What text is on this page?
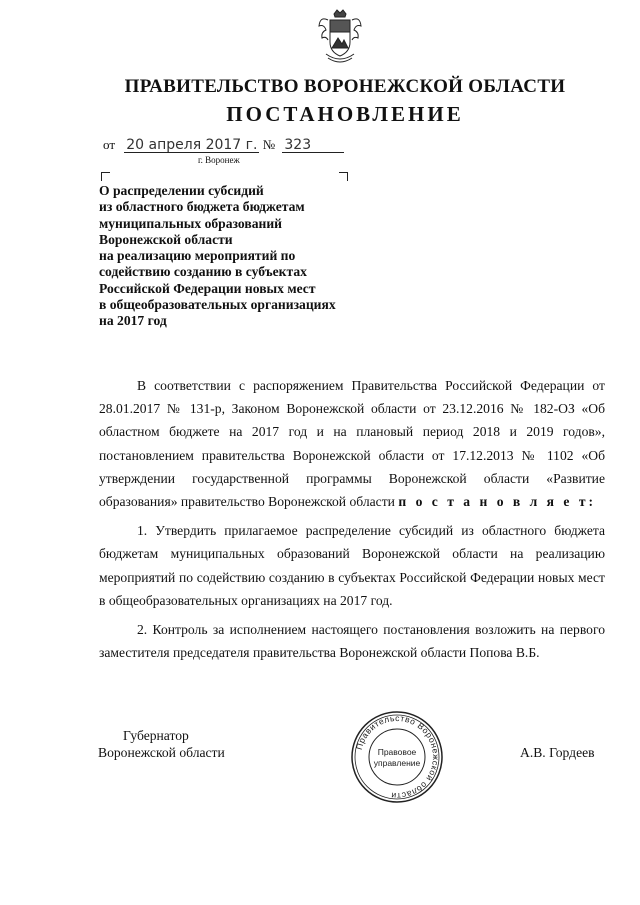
ПРАВИТЕЛЬСТВО ВОРОНЕЖСКОЙ ОБЛАСТИ
ПОСТАНОВЛЕНИЕ
от 20 апреля 2017 г. № 323
г. Воронеж
О распределении субсидий
из областного бюджета бюджетам
муниципальных образований
Воронежской области
на реализацию мероприятий по
содействию созданию в субъектах
Российской Федерации новых мест
в общеобразовательных организациях
на 2017 год

В соответствии с распоряжением Правительства Российской Федерации от 28.01.2017 № 131-р, Законом Воронежской области от 23.12.2016 № 182-ОЗ «Об областном бюджете на 2017 год и на плановый период 2018 и 2019 годов», постановлением правительства Воронежской области от 17.12.2013 № 1102 «Об утверждении государственной программы Воронежской области «Развитие образования» правительство Воронежской области п о с т а н о в л я е т:

1. Утвердить прилагаемое распределение субсидий из областного бюджета бюджетам муниципальных образований Воронежской области на реализацию мероприятий по содействию созданию в субъектах Российской Федерации новых мест в общеобразовательных организациях на 2017 год.

2. Контроль за исполнением настоящего постановления возложить на первого заместителя председателя правительства Воронежской области Попова В.Б.

Губернатор
Воронежской области	Правительство Воронежской области
Правовое
управление
А.В. Гордеев
